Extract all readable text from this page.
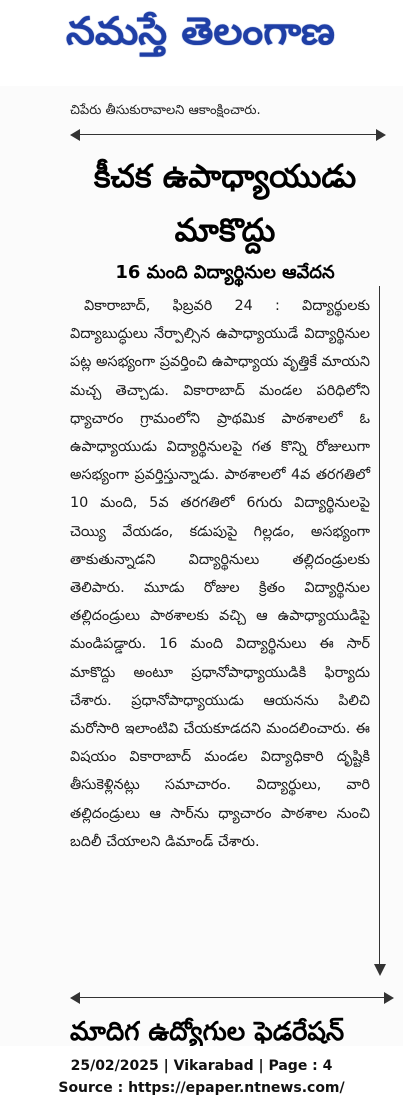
నమస్తే తెలంగాణ
చిపేరు తీసుకురావాలని ఆకాంక్షించారు.
కీచక ఉపాధ్యాయుడు
మాకొద్దు
16 మంది విద్యార్థినుల ఆవేదన
వికారాబాద్, ఫిబ్రవరి 24 : విద్యార్థులకు విద్యాబుద్ధులు నేర్పాల్సిన ఉపాధ్యాయుడే విద్యార్థినుల పట్ల అసభ్యంగా ప్రవర్తించి ఉపాధ్యాయ వృత్తికే మాయని మచ్చ తెచ్చాడు. వికారాబాద్ మండల పరిధిలోని ధ్యాచారం గ్రామంలోని ప్రాథమిక పాఠశాలలో ఓ ఉపాధ్యాయుడు విద్యార్థినులపై గత కొన్ని రోజులుగా అసభ్యంగా ప్రవర్తిస్తున్నాడు. పాఠశాలలో 4వ తరగతిలో 10 మంది, 5వ తరగతిలో 6గురు విద్యార్థినులపై చెయ్యి వేయడం, కడుపుపై గిల్లడం, అసభ్యంగా తాకుతున్నాడని విద్యార్థినులు తల్లిదండ్రులకు తెలిపారు. మూడు రోజుల క్రితం విద్యార్థినుల తల్లిదండ్రులు పాఠశాలకు వచ్చి ఆ ఉపాధ్యాయుడిపై మండిపడ్డారు. 16 మంది విద్యార్థినులు ఈ సార్ మాకొద్దు అంటూ ప్రధానోపాధ్యాయుడికి ఫిర్యాదు చేశారు. ప్రధానోపాధ్యాయుడు ఆయనను పిలిచి మరోసారి ఇలాంటివి చేయకూడదని మందలించారు. ఈ విషయం వికారాబాద్ మండల విద్యాధికారి దృష్టికి తీసుకెళ్లినట్లు సమాచారం. విద్యార్థులు, వారి తల్లిదండ్రులు ఆ సార్‌ను ధ్యాచారం పాఠశాల నుంచి బదిలీ చేయాలని డిమాండ్ చేశారు.
మాదిగ ఉద్యోగుల ఫెడరేషన్
25/02/2025 | Vikarabad | Page : 4
Source : https://epaper.ntnews.com/
